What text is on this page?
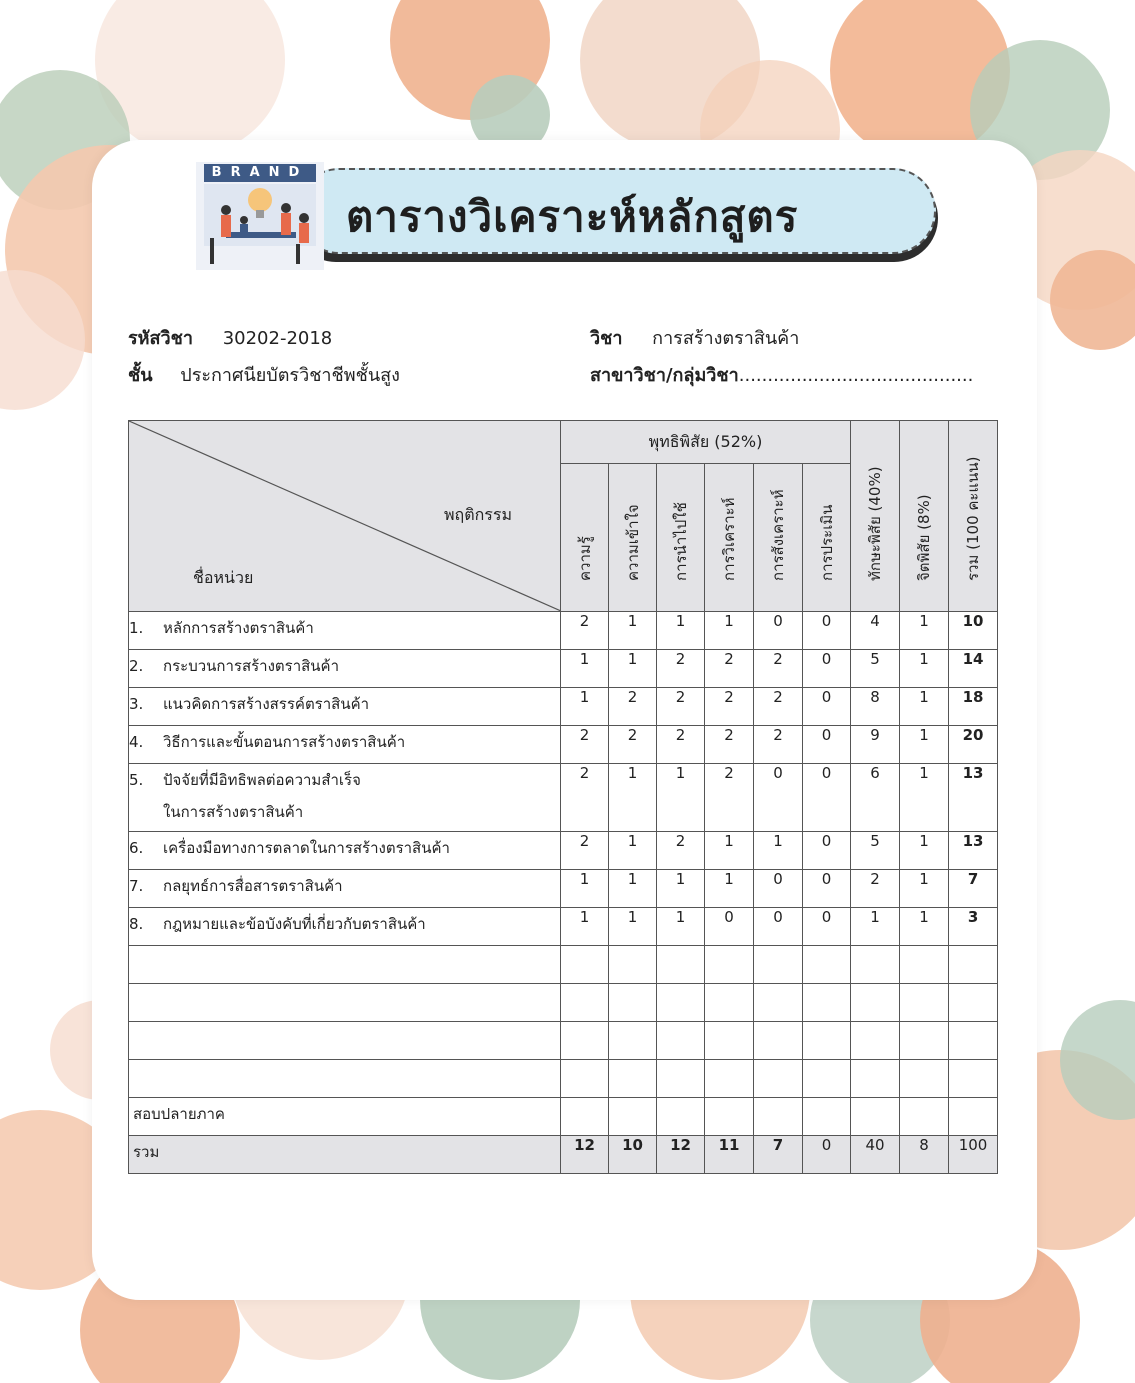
BRAND
ตารางวิเคราะห์หลักสูตร
รหัสวิชา 30202-2018	วิชา การสร้างตราสินค้า
ชั้น ประกาศนียบัตรวิชาชีพชั้นสูง	สาขาวิชา/กลุ่มวิชา.........................................
พฤติกรรม
ชื่อหน่วย	พุทธิพิสัย (52%)						ทักษะพิสัย (40%)	จิตพิสัย (8%)	รวม (100 คะแนน)

	ความรู้	ความเข้าใจ	การนำไปใช้	การวิเคราะห์	การสังเคราะห์	การประเมิน			

1. หลักการสร้างตราสินค้า	2	1	1	1	0	0	4	1	10
2. กระบวนการสร้างตราสินค้า	1	1	2	2	2	0	5	1	14
3. แนวคิดการสร้างสรรค์ตราสินค้า	1	2	2	2	2	0	8	1	18
4. วิธีการและขั้นตอนการสร้างตราสินค้า	2	2	2	2	2	0	9	1	20
5. ปัจจัยที่มีอิทธิพลต่อความสำเร็จ
ในการสร้างตราสินค้า	2	1	1	2	0	0	6	1	13
6. เครื่องมือทางการตลาดในการสร้างตราสินค้า	2	1	2	1	1	0	5	1	13
7. กลยุทธ์การสื่อสารตราสินค้า	1	1	1	1	0	0	2	1	7
8. กฎหมายและข้อบังคับที่เกี่ยวกับตราสินค้า	1	1	1	0	0	0	1	1	3

สอบปลายภาค									
รวม	12	10	12	11	7	0	40	8	100
